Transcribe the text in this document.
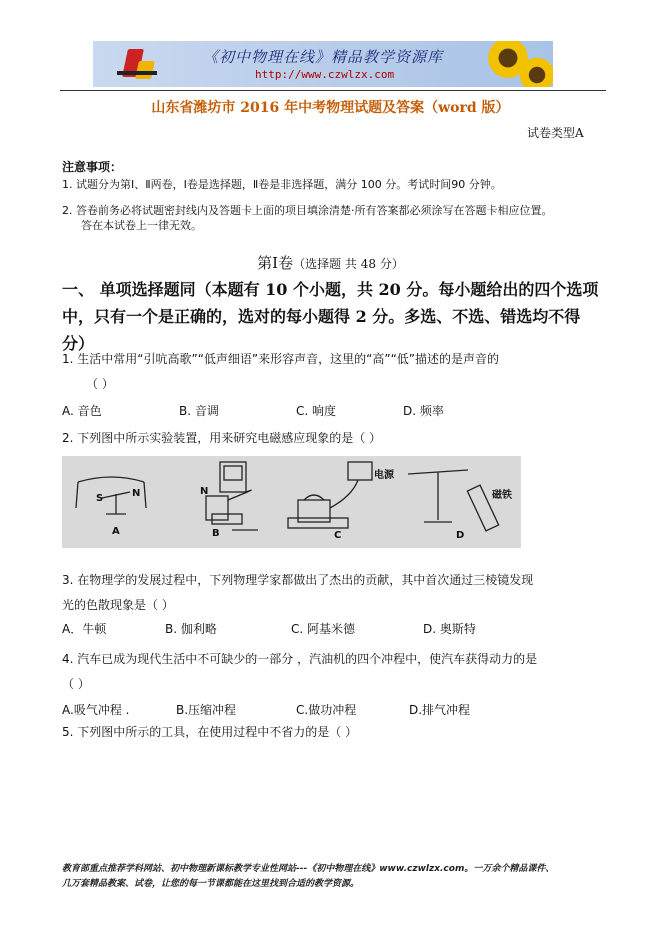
《初中物理在线》精品教学资源库
http://www.czwlzx.com
山东省潍坊市 2016 年中考物理试题及答案（word 版）
试卷类型A
注意事项：
1. 试题分为第Ⅰ、Ⅱ两卷，Ⅰ卷是选择题，Ⅱ卷是非选择题，满分 100 分。考试时间90 分钟。
2. 答卷前务必将试题密封线内及答题卡上面的项目填涂清楚·所有答案都必须涂写在答题卡相应位置。
答在本试卷上一律无效。
第Ⅰ卷（选择题 共 48 分）
一、 单项选择题同（本题有 10 个小题，共 20 分。每小题给出的四个选项
中，只有一个是正确的，选对的每小题得 2 分。多选、不选、错选均不得分）
1. 生活中常用“引吭高歌”“低声细语”来形容声音，这里的“高”“低”描述的是声音的
（ ）
A. 音色	B. 音调	C. 响度	D. 频率
2. 下列图中所示实验装置，用来研究电磁感应现象的是（ ）
S	N
A
N
B
电源
C
磁铁
D
3. 在物理学的发展过程中，下列物理学家都做出了杰出的贡献，其中首次通过三棱镜发现
光的色散现象是（ ）
A．牛顿	B. 伽利略	C. 阿基米德	D. 奥斯特
4. 汽车已成为现代生活中不可缺少的一部分 ，汽油机的四个冲程中，使汽车获得动力的是
（ ）
A.吸气冲程 .	B.压缩冲程	C.做功冲程	D.排气冲程
5. 下列图中所示的工具，在使用过程中不省力的是（ ）
教育部重点推荐学科网站、初中物理新课标教学专业性网站---《初中物理在线》www.czwlzx.com。一万余个精品课件、
几万套精品教案、试卷，让您的每一节课都能在这里找到合适的教学资源。
